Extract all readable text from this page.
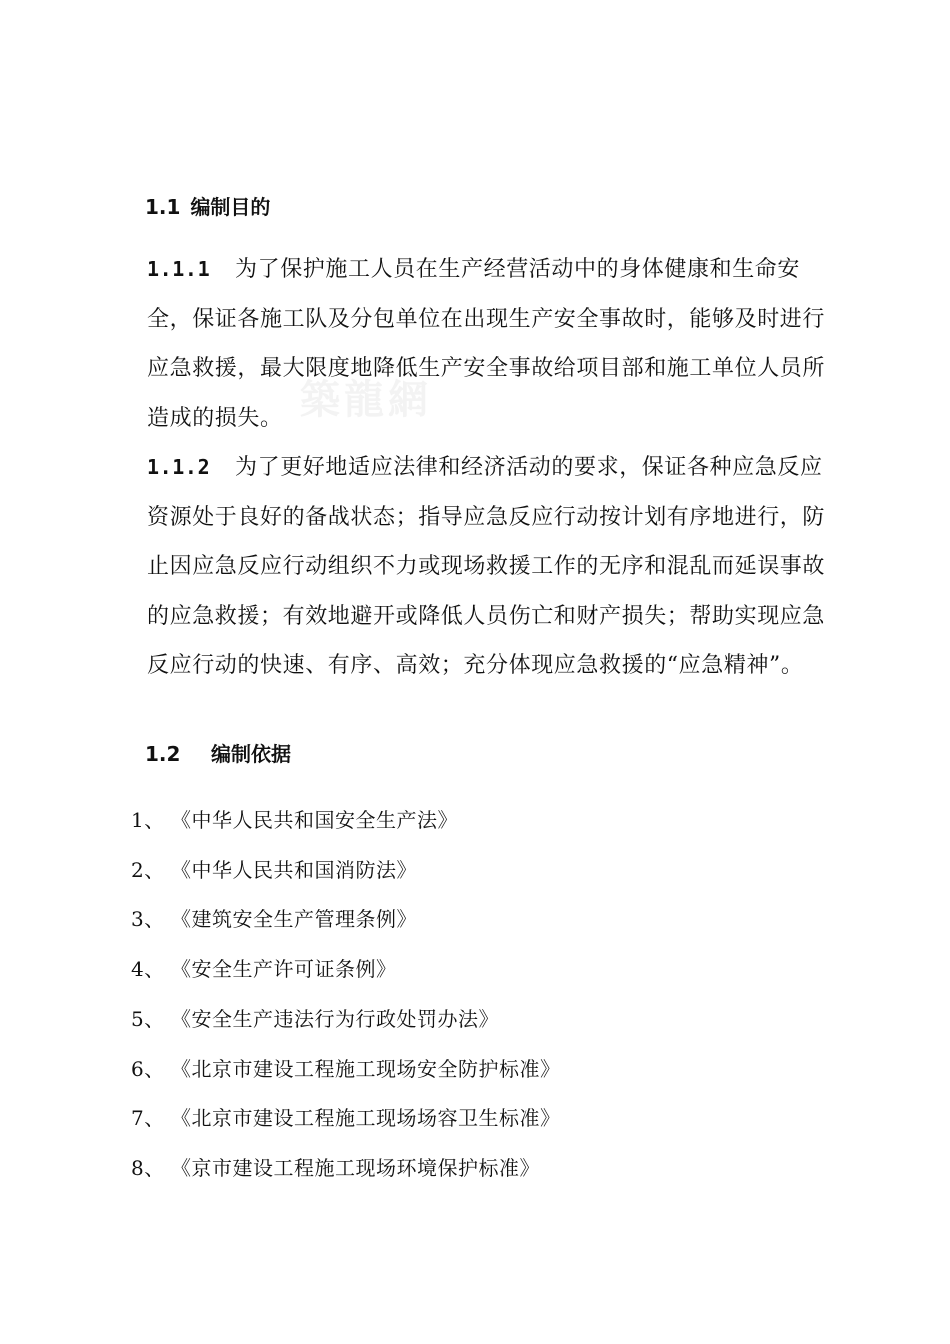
築龍網
1.1 编制目的
1.1.1 为了保护施工人员在生产经营活动中的身体健康和生命安全，保证各施工队及分包单位在出现生产安全事故时，能够及时进行应急救援，最大限度地降低生产安全事故给项目部和施工单位人员所造成的损失。
1.1.2 为了更好地适应法律和经济活动的要求，保证各种应急反应资源处于良好的备战状态；指导应急反应行动按计划有序地进行，防止因应急反应行动组织不力或现场救援工作的无序和混乱而延误事故的应急救援；有效地避开或降低人员伤亡和财产损失；帮助实现应急反应行动的快速、有序、高效；充分体现应急救援的“应急精神”。
1.2 编制依据
1、 《中华人民共和国安全生产法》
2、 《中华人民共和国消防法》
3、 《建筑安全生产管理条例》
4、 《安全生产许可证条例》
5、 《安全生产违法行为行政处罚办法》
6、 《北京市建设工程施工现场安全防护标准》
7、 《北京市建设工程施工现场场容卫生标准》
8、 《京市建设工程施工现场环境保护标准》
